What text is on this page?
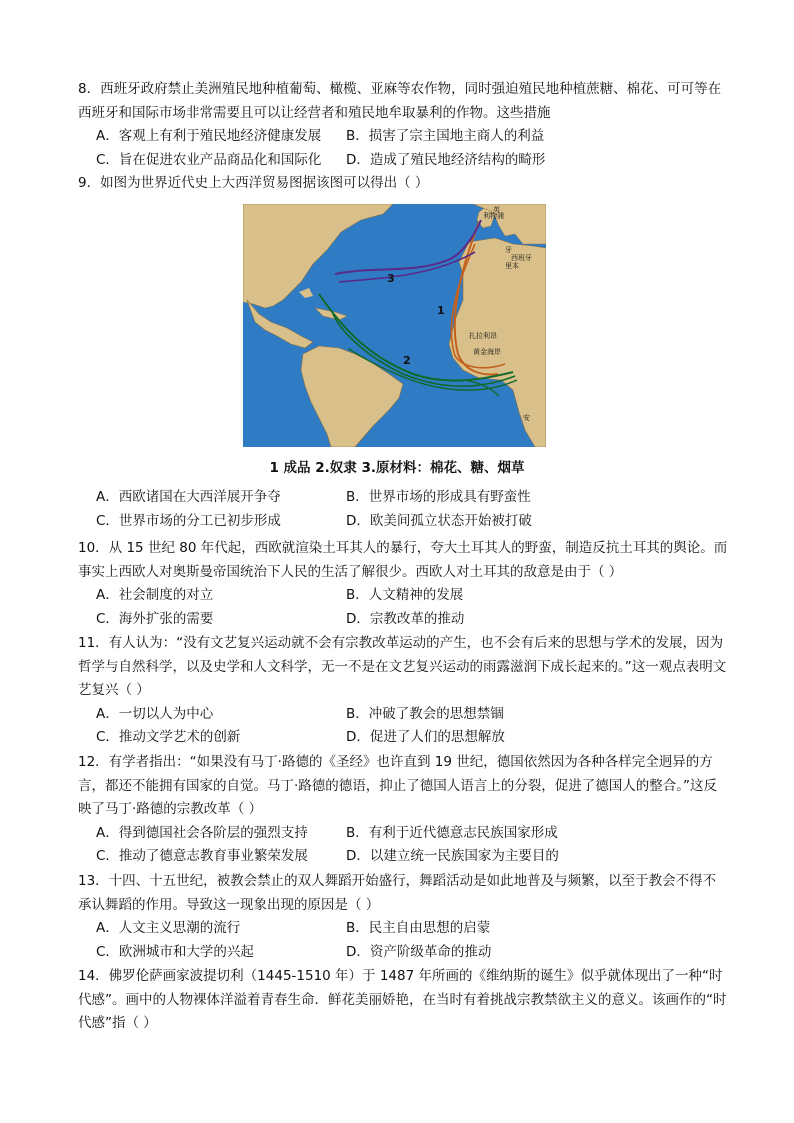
8．西班牙政府禁止美洲殖民地种植葡萄、橄榄、亚麻等农作物，同时强迫殖民地种植蔗糖、棉花、可可等在西班牙和国际市场非常需要且可以让经营者和殖民地牟取暴利的作物。这些措施
A．客观上有利于殖民地经济健康发展	B．损害了宗主国地主商人的利益
C．旨在促进农业产品商品化和国际化	D．造成了殖民地经济结构的畸形
9．如图为世界近代史上大西洋贸易图据该图可以得出（ ）
英
利物浦
牙
西班 牙
里本
扎拉利昂
黄金海岸
安
1
2
3
1 成品 2.奴隶 3.原材料：棉花、糖、烟草
A．西欧诸国在大西洋展开争夺	B．世界市场的形成具有野蛮性
C．世界市场的分工已初步形成	D．欧美间孤立状态开始被打破
10．从 15 世纪 80 年代起，西欧就渲染土耳其人的暴行，夸大土耳其人的野蛮，制造反抗土耳其的舆论。而事实上西欧人对奥斯曼帝国统治下人民的生活了解很少。西欧人对土耳其的敌意是由于（ ）
A．社会制度的对立	B．人文精神的发展
C．海外扩张的需要	D．宗教改革的推动
11．有人认为：“没有文艺复兴运动就不会有宗教改革运动的产生，也不会有后来的思想与学术的发展，因为哲学与自然科学，以及史学和人文科学，无一不是在文艺复兴运动的雨露滋润下成长起来的。”这一观点表明文艺复兴（ ）
A．一切以人为中心	B．冲破了教会的思想禁锢
C．推动文学艺术的创新	D．促进了人们的思想解放
12．有学者指出：“如果没有马丁·路德的《圣经》也许直到 19 世纪，德国依然因为各种各样完全迥异的方言，都还不能拥有国家的自觉。马丁·路德的德语，抑止了德国人语言上的分裂，促进了德国人的整合。”这反映了马丁·路德的宗教改革（ ）
A．得到德国社会各阶层的强烈支持	B．有利于近代德意志民族国家形成
C．推动了德意志教育事业繁荣发展	D．以建立统一民族国家为主要目的
13．十四、十五世纪，被教会禁止的双人舞蹈开始盛行，舞蹈活动是如此地普及与频繁，以至于教会不得不承认舞蹈的作用。导致这一现象出现的原因是（ ）
A．人文主义思潮的流行	B．民主自由思想的启蒙
C．欧洲城市和大学的兴起	D．资产阶级革命的推动
14．佛罗伦萨画家波提切利（1445-1510 年）于 1487 年所画的《维纳斯的诞生》似乎就体现出了一种“时代感”。画中的人物裸体洋溢着青春生命．鲜花美丽娇艳，在当时有着挑战宗教禁欲主义的意义。该画作的“时代感”指（ ）
